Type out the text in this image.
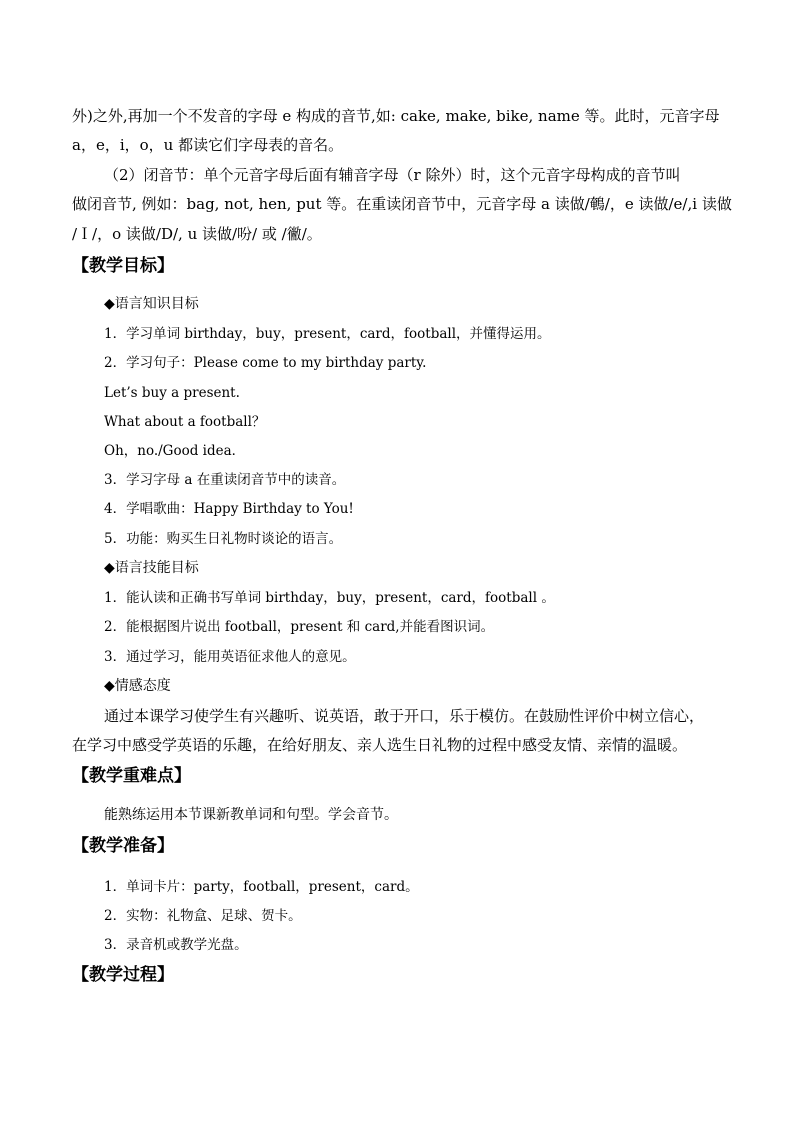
外)之外,再加一个不发音的字母 e 构成的音节,如: cake, make, bike, name 等。此时，元音字母
a，e，i，o，u 都读它们字母表的音名。
（2）闭音节：单个元音字母后面有辅音字母（r 除外）时，这个元音字母构成的音节叫
做闭音节, 例如：bag, not, hen, put 等。在重读闭音节中，元音字母 a 读做/鵪/，e 读做/e/,i 读做
/Ｉ/，o 读做/D/, u 读做/吩/ 或 /徶/。
【教学目标】
◆语言知识目标
1．学习单词 birthday，buy，present，card，football，并懂得运用。
2．学习句子：Please come to my birthday party.
Let’s buy a present.
What about a football？
Oh，no./Good idea．
3．学习字母 a 在重读闭音节中的读音。
4．学唱歌曲：Happy Birthday to You!
5．功能：购买生日礼物时谈论的语言。
◆语言技能目标
1．能认读和正确书写单词 birthday，buy，present，card，football 。
2．能根据图片说出 football，present 和 card,并能看图识词。
3．通过学习，能用英语征求他人的意见。
◆情感态度
通过本课学习使学生有兴趣听、说英语，敢于开口，乐于模仿。在鼓励性评价中树立信心，
在学习中感受学英语的乐趣，在给好朋友、亲人选生日礼物的过程中感受友情、亲情的温暖。
【教学重难点】
能熟练运用本节课新教单词和句型。学会音节。
【教学准备】
1．单词卡片：party，football，present，card。
2．实物：礼物盒、足球、贺卡。
3．录音机或教学光盘。
【教学过程】
